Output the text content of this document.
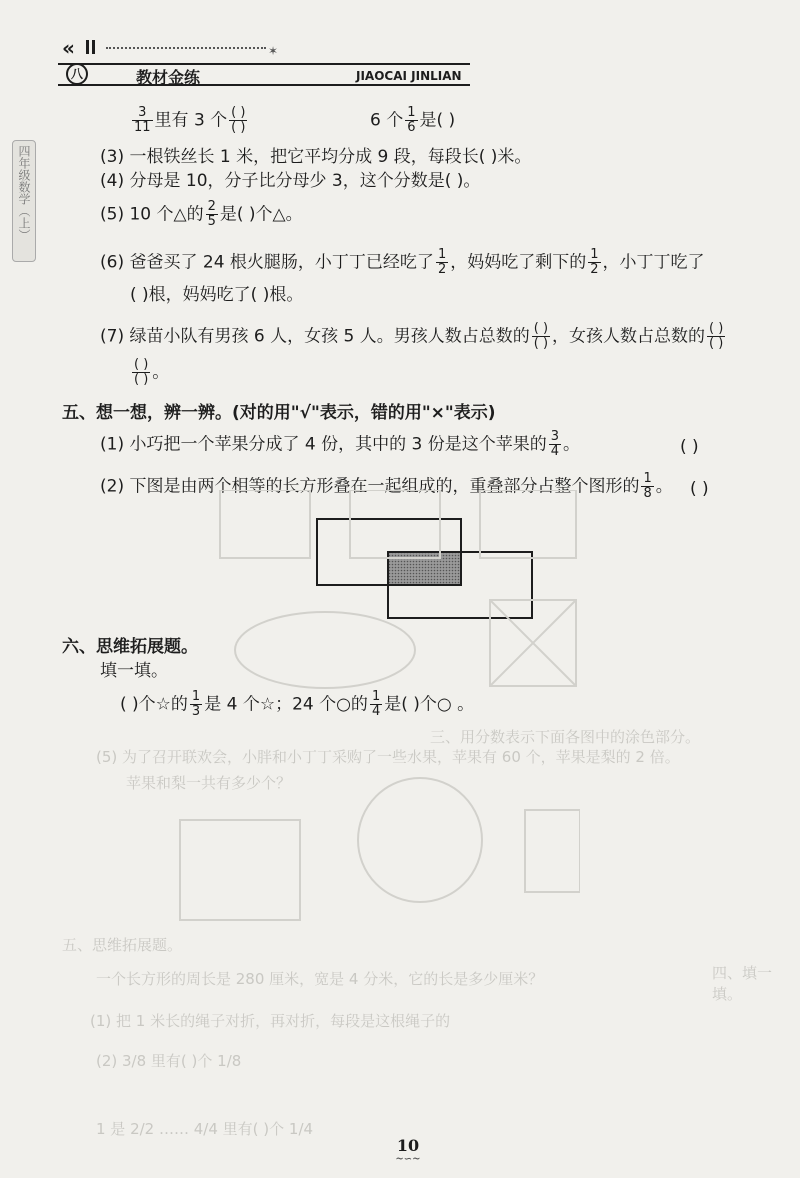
«
八	教材金练	JIAOCAI JINLIAN
✶
四年级数学（上）
三、用分数表示下面各图中的涂色部分。
(5) 为了召开联欢会，小胖和小丁丁采购了一些水果，苹果有 60 个，苹果是梨的 2 倍。
苹果和梨一共有多少个？
五、思维拓展题。
一个长方形的周长是 280 厘米，宽是 4 分米，它的长是多少厘米？	四、填一填。
(1) 把 1 米长的绳子对折，再对折，每段是这根绳子的
(2) 3/8 里有( )个 1/8
1 是 2/2 …… 4/4 里有( )个 1/4
$\frac{3}{11}$ 里有 3 个 $\frac{( )}{( )}$	6 个 $\frac{1}{6}$ 是( )
(3) 一根铁丝长 1 米，把它平均分成 9 段，每段长( )米。
(4) 分母是 10，分子比分母少 3，这个分数是( )。
(5) 10 个△的 $\frac{2}{5}$ 是( )个△。
(6) 爸爸买了 24 根火腿肠，小丁丁已经吃了 $\frac{1}{2}$ ，妈妈吃了剩下的 $\frac{1}{2}$ ，小丁丁吃了
( )根，妈妈吃了( )根。
(7) 绿苗小队有男孩 6 人，女孩 5 人。男孩人数占总数的 $\frac{( )}{( )}$ ，女孩人数占总数的 $\frac{( )}{( )}$
$\frac{( )}{( )}$ 。
五、想一想，辨一辨。(对的用"√"表示，错的用"×"表示)
(1) 小巧把一个苹果分成了 4 份，其中的 3 份是这个苹果的 $\frac{3}{4}$ 。	( )
(2) 下图是由两个相等的长方形叠在一起组成的，重叠部分占整个图形的 $\frac{1}{8}$ 。 ( )
六、思维拓展题。
填一填。
( )个☆的 $\frac{1}{3}$ 是 4 个☆；24 个○的 $\frac{1}{4}$ 是( )个○ 。
10
~∽~
